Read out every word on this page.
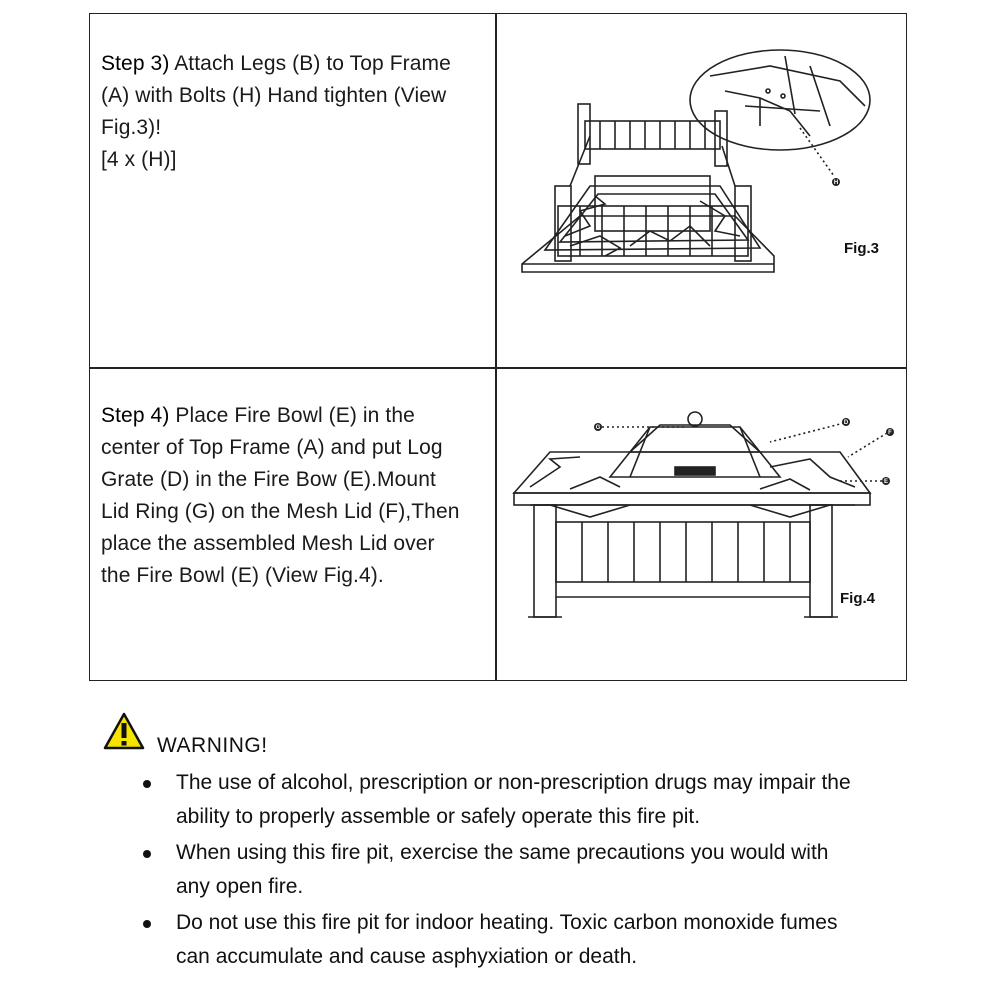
Step 3) Attach Legs (B) to Top Frame
(A) with Bolts (H) Hand tighten (View
Fig.3)!
[4 x (H)]
H
Fig.3
Step 4) Place Fire Bowl (E) in the
center of Top Frame (A) and put Log
Grate (D) in the Fire Bow (E).Mount
Lid Ring (G) on the Mesh Lid (F),Then
place the assembled Mesh Lid over
the Fire Bowl (E) (View Fig.4).
G
D
F
E
Fig.4
WARNING!
The use of alcohol, prescription or non-prescription drugs may impair the
ability to properly assemble or safely operate this fire pit.
When using this fire pit, exercise the same precautions you would with
any open fire.
Do not use this fire pit for indoor heating. Toxic carbon monoxide fumes
can accumulate and cause asphyxiation or death.
